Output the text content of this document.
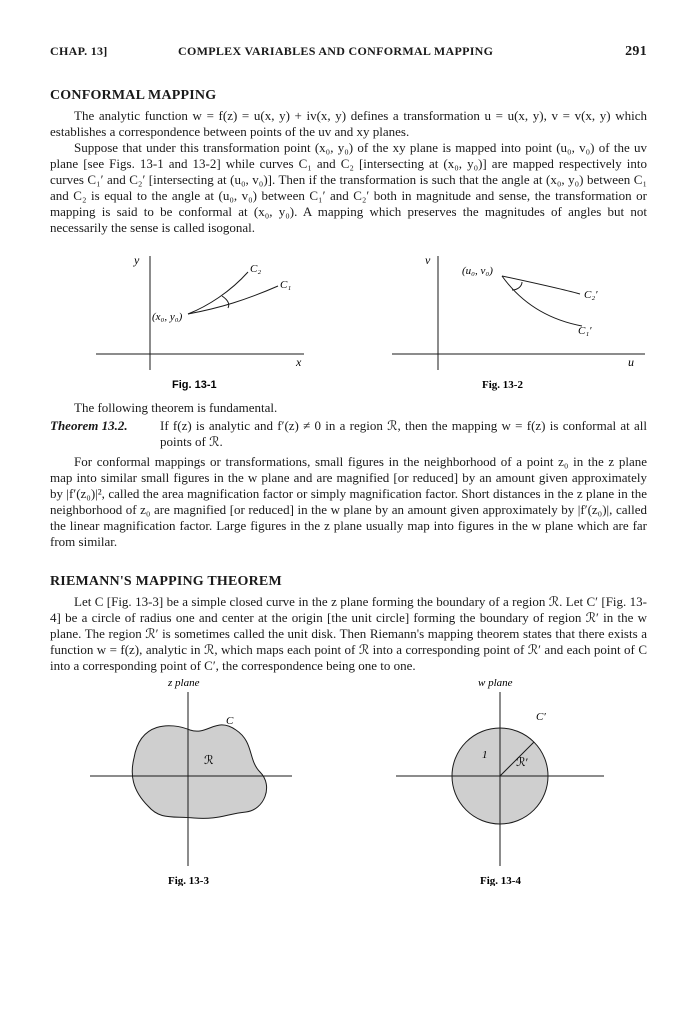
CHAP. 13]	COMPLEX VARIABLES AND CONFORMAL MAPPING	291
CONFORMAL MAPPING

The analytic function w = f(z) = u(x, y) + iv(x, y) defines a transformation u = u(x, y), v = v(x, y) which establishes a correspondence between points of the uv and xy planes.

Suppose that under this transformation point (x₀, y₀) of the xy plane is mapped into point (u₀, v₀) of the uv plane [see Figs. 13-1 and 13-2] while curves C₁ and C₂ [intersecting at (x₀, y₀)] are mapped respectively into curves C₁′ and C₂′ [intersecting at (u₀, v₀)]. Then if the transformation is such that the angle at (x₀, y₀) between C₁ and C₂ is equal to the angle at (u₀, v₀) between C₁′ and C₂′ both in magnitude and sense, the transformation or mapping is said to be conformal at (x₀, y₀). A mapping which preserves the magnitudes of angles but not necessarily the sense is called isogonal.

y
x
(x₀, y₀)
C₂
C₁
Fig. 13-1
v
u
(u₀, v₀)
C₂′
C₁′
Fig. 13-2

The following theorem is fundamental.

Theorem 13.2. If f(z) is analytic and f′(z) ≠ 0 in a region ℛ, then the mapping w = f(z) is conformal at all points of ℛ.

For conformal mappings or transformations, small figures in the neighborhood of a point z₀ in the z plane map into similar small figures in the w plane and are magnified [or reduced] by an amount given approximately by |f′(z₀)|², called the area magnification factor or simply magnification factor. Short distances in the z plane in the neighborhood of z₀ are magnified [or reduced] in the w plane by an amount given approximately by |f′(z₀)|, called the linear magnification factor. Large figures in the z plane usually map into figures in the w plane which are far from similar.

RIEMANN'S MAPPING THEOREM

Let C [Fig. 13-3] be a simple closed curve in the z plane forming the boundary of a region ℛ. Let C′ [Fig. 13-4] be a circle of radius one and center at the origin [the unit circle] forming the boundary of region ℛ′ in the w plane. The region ℛ′ is sometimes called the unit disk. Then Riemann's mapping theorem states that there exists a function w = f(z), analytic in ℛ, which maps each point of ℛ into a corresponding point of ℛ′ and each point of C into a corresponding point of C′, the correspondence being one to one.

z plane
C
ℛ
Fig. 13-3
w plane
C′
ℛ′
1
Fig. 13-4
